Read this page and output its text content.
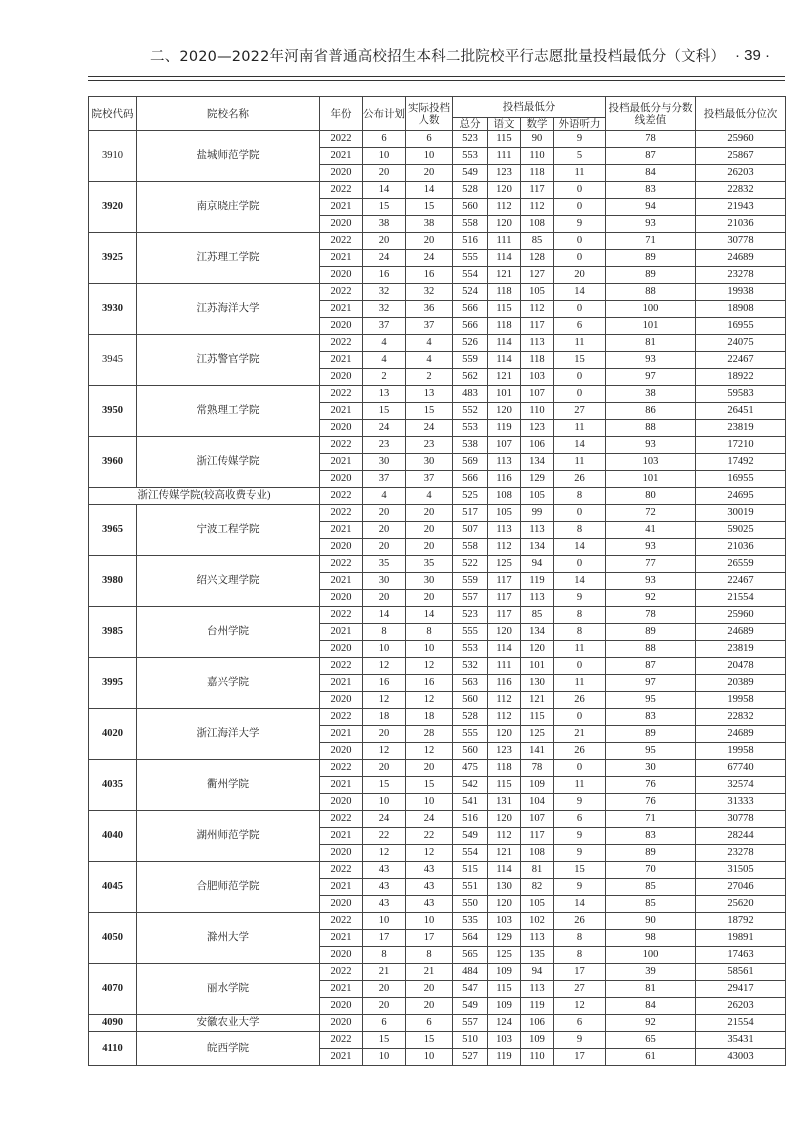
二、2020—2022年河南省普通高校招生本科二批院校平行志愿批量投档最低分（文科） · 39 ·
院校代码	院校名称	年份	公布计划	实际投档人数	投档最低分				投档最低分与分数线差值	投档最低分位次
					总分	语文	数学	外语听力		
3910	盐城师范学院	2022	6	6	523	115	90	9	78	25960
		2021	10	10	553	111	110	5	87	25867
		2020	20	20	549	123	118	11	84	26203
3920	南京晓庄学院	2022	14	14	528	120	117	0	83	22832
		2021	15	15	560	112	112	0	94	21943
		2020	38	38	558	120	108	9	93	21036
3925	江苏理工学院	2022	20	20	516	111	85	0	71	30778
		2021	24	24	555	114	128	0	89	24689
		2020	16	16	554	121	127	20	89	23278
3930	江苏海洋大学	2022	32	32	524	118	105	14	88	19938
		2021	32	36	566	115	112	0	100	18908
		2020	37	37	566	118	117	6	101	16955
3945	江苏警官学院	2022	4	4	526	114	113	11	81	24075
		2021	4	4	559	114	118	15	93	22467
		2020	2	2	562	121	103	0	97	18922
3950	常熟理工学院	2022	13	13	483	101	107	0	38	59583
		2021	15	15	552	120	110	27	86	26451
		2020	24	24	553	119	123	11	88	23819
3960	浙江传媒学院	2022	23	23	538	107	106	14	93	17210
		2021	30	30	569	113	134	11	103	17492
		2020	37	37	566	116	129	26	101	16955
浙江传媒学院(较高收费专业)		2022	4	4	525	108	105	8	80	24695
3965	宁波工程学院	2022	20	20	517	105	99	0	72	30019
		2021	20	20	507	113	113	8	41	59025
		2020	20	20	558	112	134	14	93	21036
3980	绍兴文理学院	2022	35	35	522	125	94	0	77	26559
		2021	30	30	559	117	119	14	93	22467
		2020	20	20	557	117	113	9	92	21554
3985	台州学院	2022	14	14	523	117	85	8	78	25960
		2021	8	8	555	120	134	8	89	24689
		2020	10	10	553	114	120	11	88	23819
3995	嘉兴学院	2022	12	12	532	111	101	0	87	20478
		2021	16	16	563	116	130	11	97	20389
		2020	12	12	560	112	121	26	95	19958
4020	浙江海洋大学	2022	18	18	528	112	115	0	83	22832
		2021	20	28	555	120	125	21	89	24689
		2020	12	12	560	123	141	26	95	19958
4035	衢州学院	2022	20	20	475	118	78	0	30	67740
		2021	15	15	542	115	109	11	76	32574
		2020	10	10	541	131	104	9	76	31333
4040	湖州师范学院	2022	24	24	516	120	107	6	71	30778
		2021	22	22	549	112	117	9	83	28244
		2020	12	12	554	121	108	9	89	23278
4045	合肥师范学院	2022	43	43	515	114	81	15	70	31505
		2021	43	43	551	130	82	9	85	27046
		2020	43	43	550	120	105	14	85	25620
4050	滁州大学	2022	10	10	535	103	102	26	90	18792
		2021	17	17	564	129	113	8	98	19891
		2020	8	8	565	125	135	8	100	17463
4070	丽水学院	2022	21	21	484	109	94	17	39	58561
		2021	20	20	547	115	113	27	81	29417
		2020	20	20	549	109	119	12	84	26203
4090	安徽农业大学	2020	6	6	557	124	106	6	92	21554
4110	皖西学院	2022	15	15	510	103	109	9	65	35431
		2021	10	10	527	119	110	17	61	43003
